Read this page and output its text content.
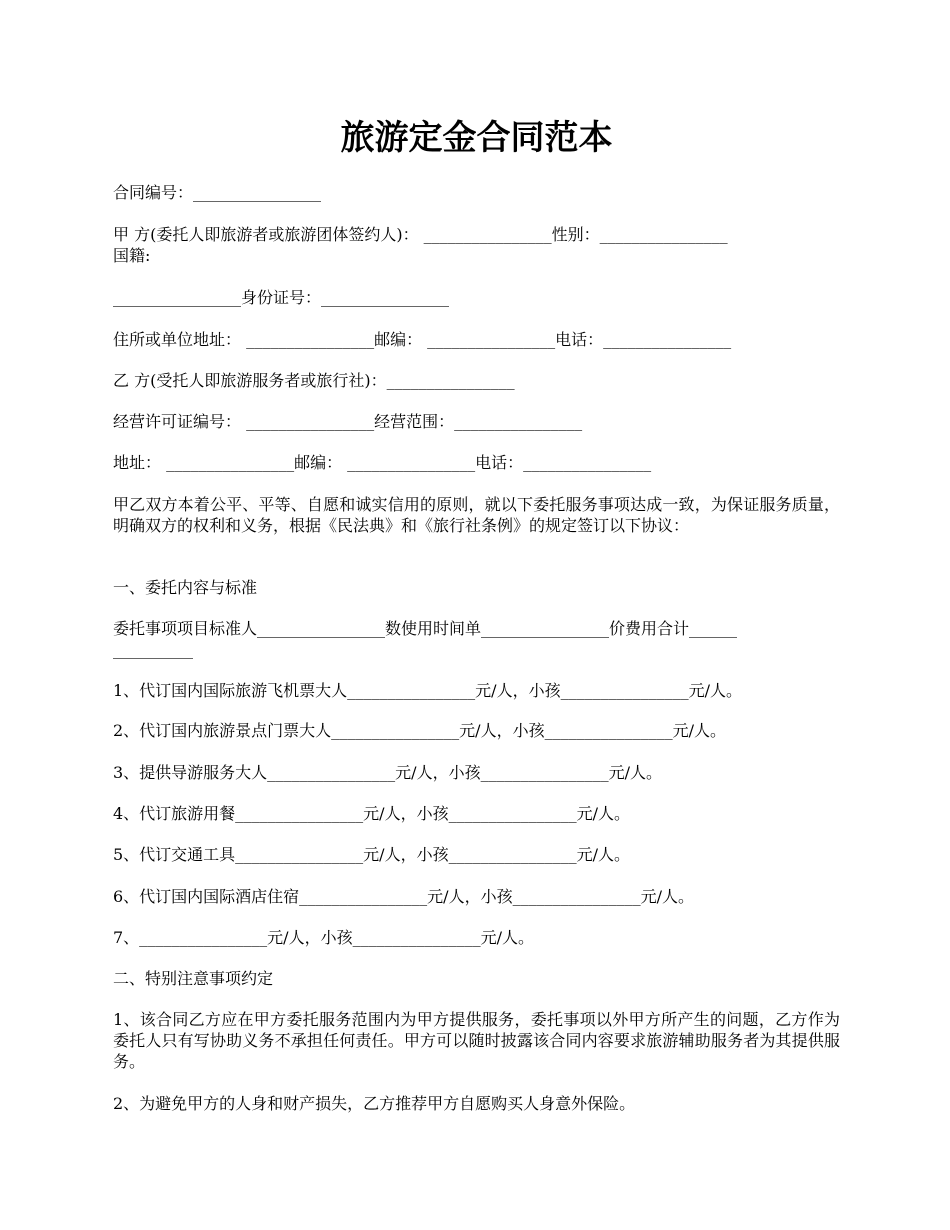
旅游定金合同范本

合同编号：________________

甲 方(委托人即旅游者或旅游团体签约人)： ________________性别：________________

国籍:

________________身份证号：________________

住所或单位地址： ________________邮编： ________________电话：________________

乙 方(受托人即旅游服务者或旅行社)：________________

经营许可证编号： ________________经营范围：________________

地址： ________________邮编： ________________电话：________________

甲乙双方本着公平、平等、自愿和诚实信用的原则，就以下委托服务事项达成一致，为保证服务质量，明确双方的权利和义务，根据《民法典》和《旅行社条例》的规定签订以下协议：

一、委托内容与标准

委托事项项目标准人________________数使用时间单________________价费用合计______

__________

1、代订国内国际旅游飞机票大人________________元/人，小孩________________元/人。

2、代订国内旅游景点门票大人________________元/人，小孩________________元/人。

3、提供导游服务大人________________元/人，小孩________________元/人。

4、代订旅游用餐________________元/人，小孩________________元/人。

5、代订交通工具________________元/人，小孩________________元/人。

6、代订国内国际酒店住宿________________元/人，小孩________________元/人。

7、________________元/人，小孩________________元/人。

二、特别注意事项约定

1、该合同乙方应在甲方委托服务范围内为甲方提供服务，委托事项以外甲方所产生的问题，乙方作为委托人只有写协助义务不承担任何责任。甲方可以随时披露该合同内容要求旅游辅助服务者为其提供服务。

2、为避免甲方的人身和财产损失，乙方推荐甲方自愿购买人身意外保险。
